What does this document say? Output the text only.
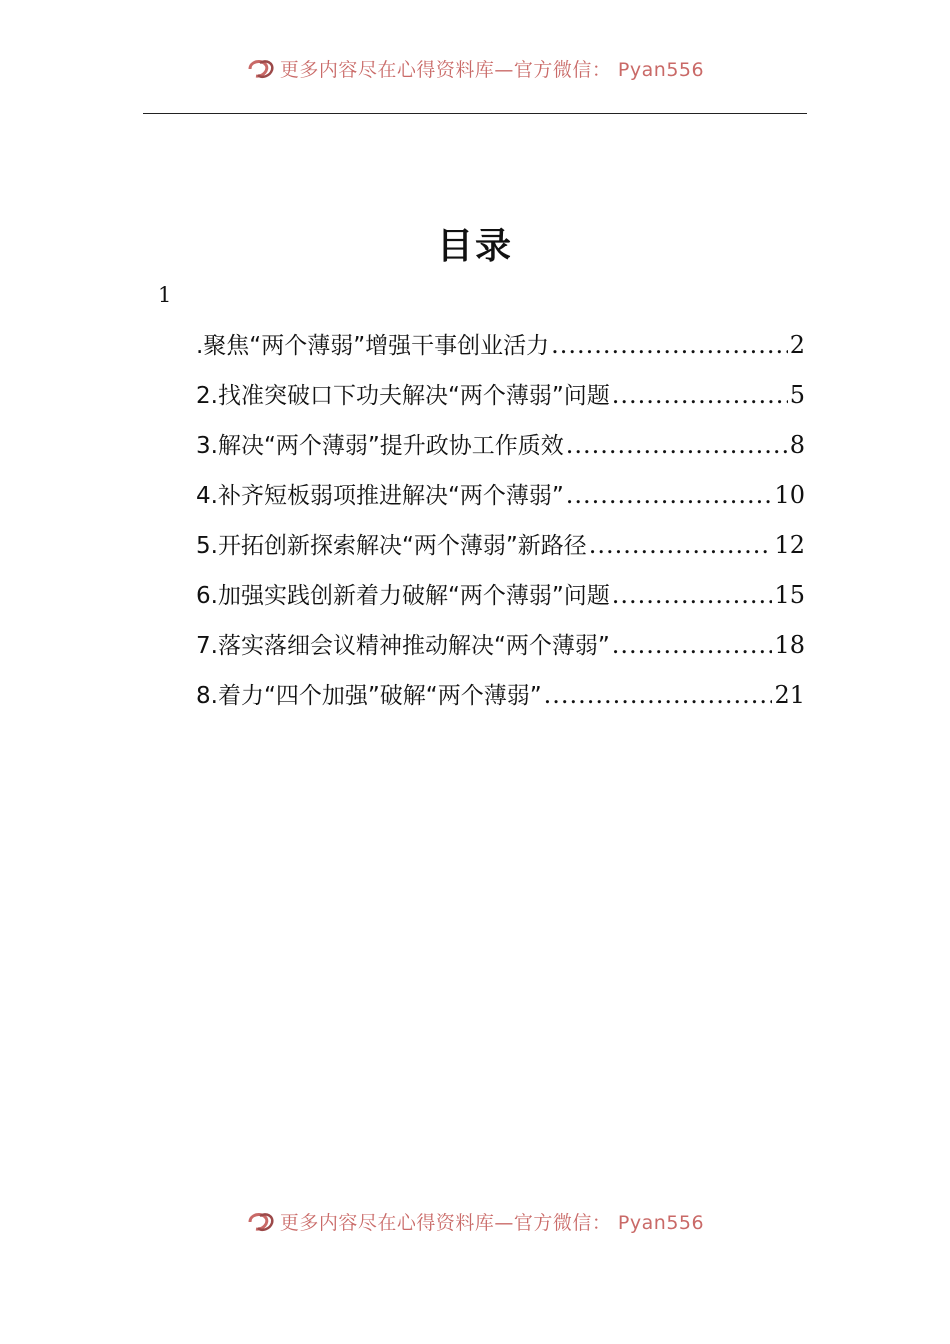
更多内容尽在心得资料库—官方微信： Pyan556
目录
1
.聚焦“两个薄弱”增强干事创业活力 .....	2
2.找准突破口下功夫解决“两个薄弱”问题 .....	5
3.解决“两个薄弱”提升政协工作质效 .....	8
4.补齐短板弱项推进解决“两个薄弱” .....	10
5.开拓创新探索解决“两个薄弱”新路径 .....	12
6.加强实践创新着力破解“两个薄弱”问题 .....	15
7.落实落细会议精神推动解决“两个薄弱” .....	18
8.着力“四个加强”破解“两个薄弱” .....	21
更多内容尽在心得资料库—官方微信： Pyan556
